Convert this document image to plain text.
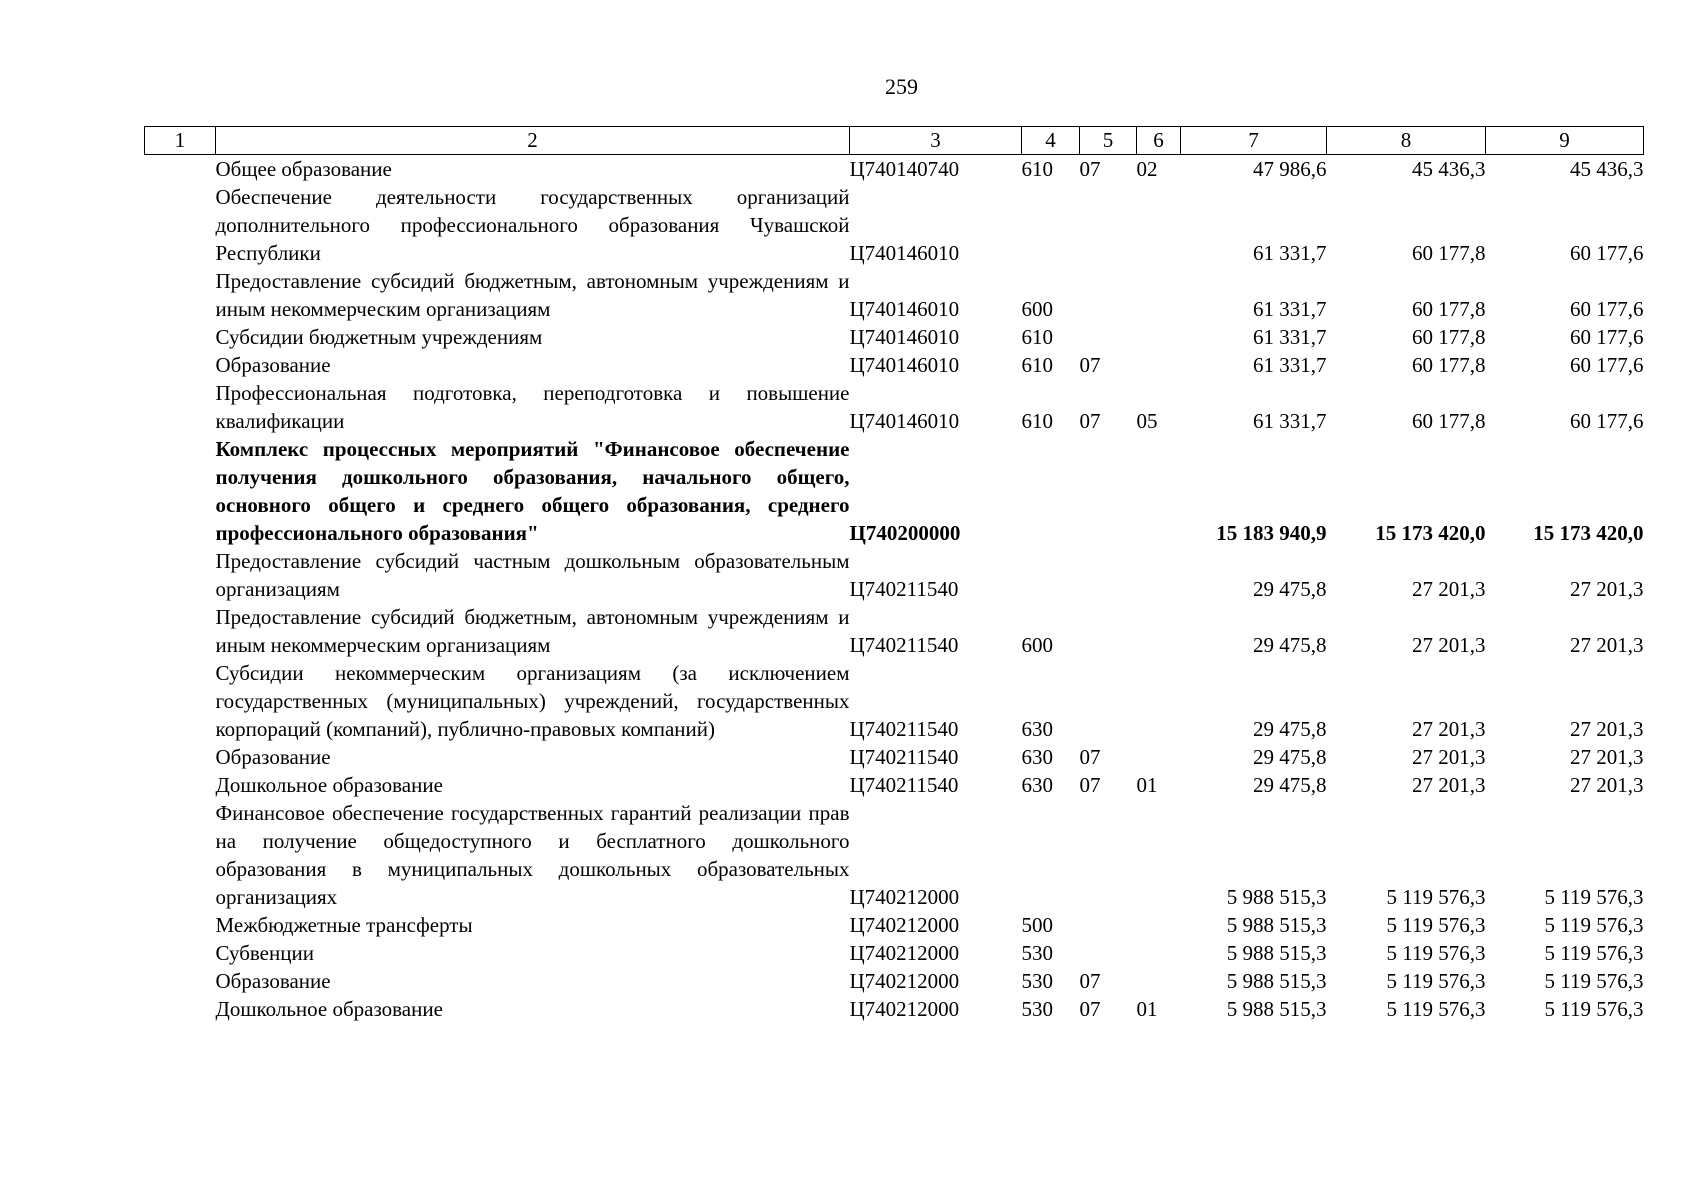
259
1	2	3	4	5	6	7	8	9
	Общее образование	Ц740140740	610	07	02	47 986,6	45 436,3	45 436,3
	Обеспечение деятельности государственных организаций дополнительного профессионального образования Чувашской Республики	Ц740146010				61 331,7	60 177,8	60 177,6
	Предоставление субсидий бюджетным, автономным учреждениям и иным некоммерческим организациям	Ц740146010	600			61 331,7	60 177,8	60 177,6
	Субсидии бюджетным учреждениям	Ц740146010	610			61 331,7	60 177,8	60 177,6
	Образование	Ц740146010	610	07		61 331,7	60 177,8	60 177,6
	Профессиональная подготовка, переподготовка и повышение квалификации	Ц740146010	610	07	05	61 331,7	60 177,8	60 177,6
	Комплекс процессных мероприятий "Финансовое обеспечение получения дошкольного образования, начального общего, основного общего и среднего общего образования, среднего профессионального образования"	Ц740200000				15 183 940,9	15 173 420,0	15 173 420,0
	Предоставление субсидий частным дошкольным образовательным организациям	Ц740211540				29 475,8	27 201,3	27 201,3
	Предоставление субсидий бюджетным, автономным учреждениям и иным некоммерческим организациям	Ц740211540	600			29 475,8	27 201,3	27 201,3
	Субсидии некоммерческим организациям (за исключением государственных (муниципальных) учреждений, государственных корпораций (компаний), публично-правовых компаний)	Ц740211540	630			29 475,8	27 201,3	27 201,3
	Образование	Ц740211540	630	07		29 475,8	27 201,3	27 201,3
	Дошкольное образование	Ц740211540	630	07	01	29 475,8	27 201,3	27 201,3
	Финансовое обеспечение государственных гарантий реализации прав на получение общедоступного и бесплатного дошкольного образования в муниципальных дошкольных образовательных организациях	Ц740212000				5 988 515,3	5 119 576,3	5 119 576,3
	Межбюджетные трансферты	Ц740212000	500			5 988 515,3	5 119 576,3	5 119 576,3
	Субвенции	Ц740212000	530			5 988 515,3	5 119 576,3	5 119 576,3
	Образование	Ц740212000	530	07		5 988 515,3	5 119 576,3	5 119 576,3
	Дошкольное образование	Ц740212000	530	07	01	5 988 515,3	5 119 576,3	5 119 576,3
